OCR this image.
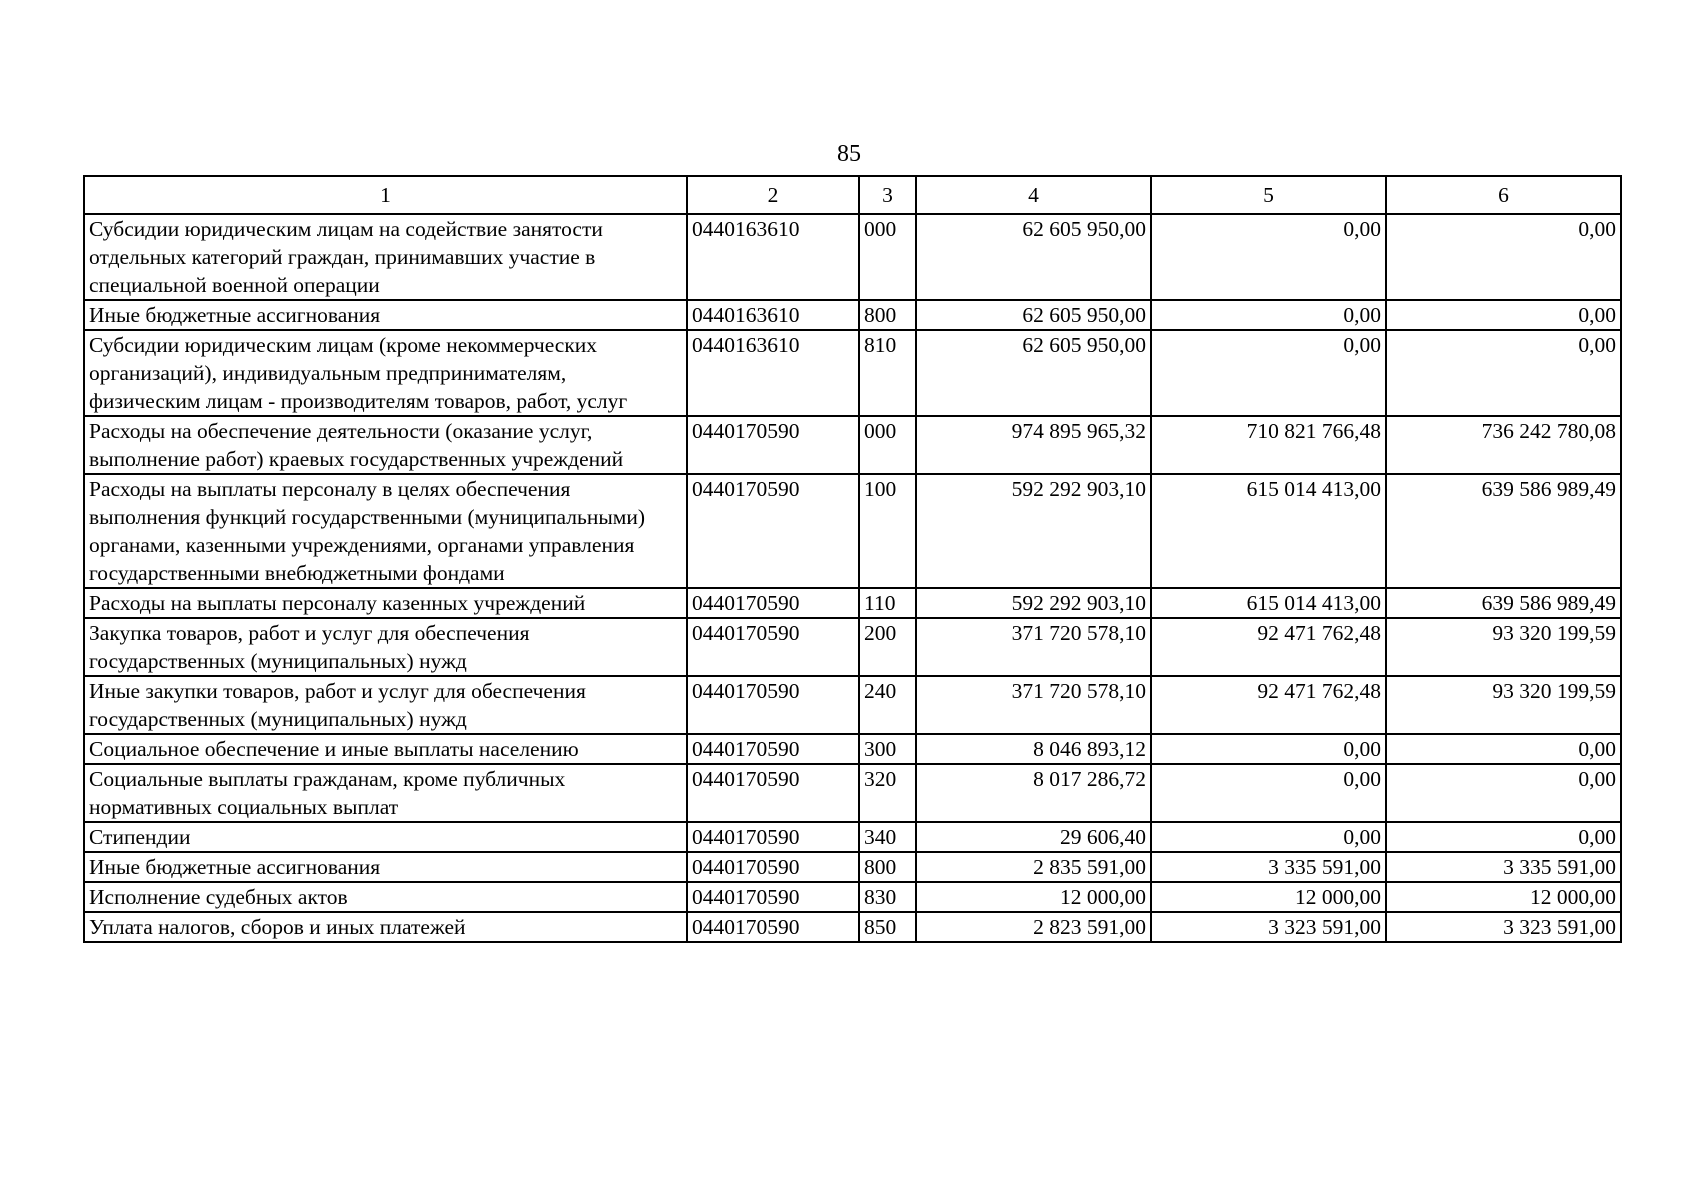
85
1	2	3	4	5	6
Субсидии юридическим лицам на содействие занятости отдельных категорий граждан, принимавших участие в специальной военной операции	0440163610	000	62 605 950,00	0,00	0,00
Иные бюджетные ассигнования	0440163610	800	62 605 950,00	0,00	0,00
Субсидии юридическим лицам (кроме некоммерческих организаций), индивидуальным предпринимателям, физическим лицам - производителям товаров, работ, услуг	0440163610	810	62 605 950,00	0,00	0,00
Расходы на обеспечение деятельности (оказание услуг, выполнение работ) краевых государственных учреждений	0440170590	000	974 895 965,32	710 821 766,48	736 242 780,08
Расходы на выплаты персоналу в целях обеспечения выполнения функций государственными (муниципальными) органами, казенными учреждениями, органами управления государственными внебюджетными фондами	0440170590	100	592 292 903,10	615 014 413,00	639 586 989,49
Расходы на выплаты персоналу казенных учреждений	0440170590	110	592 292 903,10	615 014 413,00	639 586 989,49
Закупка товаров, работ и услуг для обеспечения государственных (муниципальных) нужд	0440170590	200	371 720 578,10	92 471 762,48	93 320 199,59
Иные закупки товаров, работ и услуг для обеспечения государственных (муниципальных) нужд	0440170590	240	371 720 578,10	92 471 762,48	93 320 199,59
Социальное обеспечение и иные выплаты населению	0440170590	300	8 046 893,12	0,00	0,00
Социальные выплаты гражданам, кроме публичных нормативных социальных выплат	0440170590	320	8 017 286,72	0,00	0,00
Стипендии	0440170590	340	29 606,40	0,00	0,00
Иные бюджетные ассигнования	0440170590	800	2 835 591,00	3 335 591,00	3 335 591,00
Исполнение судебных актов	0440170590	830	12 000,00	12 000,00	12 000,00
Уплата налогов, сборов и иных платежей	0440170590	850	2 823 591,00	3 323 591,00	3 323 591,00
